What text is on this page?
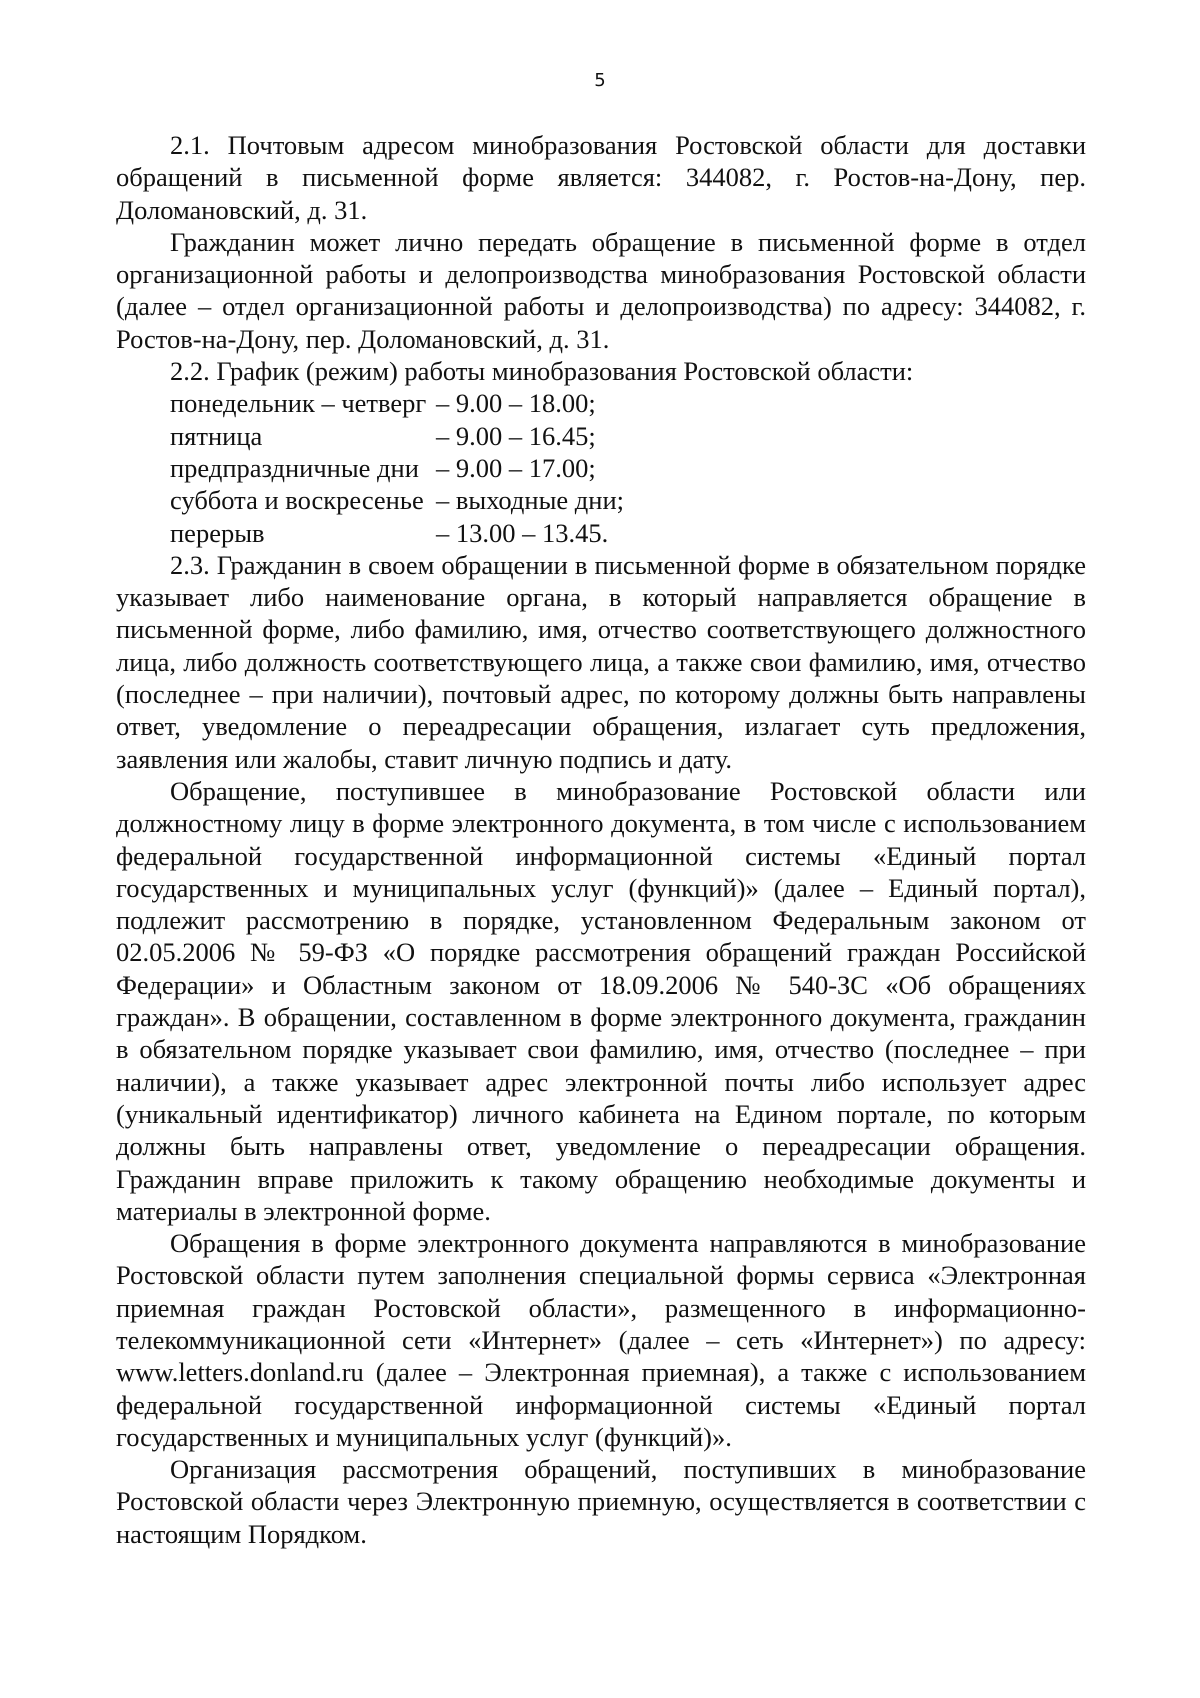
5

2.1. Почтовым адресом минобразования Ростовской области для доставки обращений в письменной форме является: 344082, г. Ростов-на-Дону, пер. Доломановский, д. 31.

Гражданин может лично передать обращение в письменной форме в отдел организационной работы и делопроизводства минобразования Ростовской области (далее – отдел организационной работы и делопроизводства) по адресу: 344082, г. Ростов-на-Дону, пер. Доломановский, д. 31.

2.2. График (режим) работы минобразования Ростовской области:

понедельник – четверг – 9.00 – 18.00;
пятница	– 9.00 – 16.45;
предпраздничные дни – 9.00 – 17.00;
суббота и воскресенье – выходные дни;
перерыв	– 13.00 – 13.45.

2.3. Гражданин в своем обращении в письменной форме в обязательном порядке указывает либо наименование органа, в который направляется обращение в письменной форме, либо фамилию, имя, отчество соответствующего должностного лица, либо должность соответствующего лица, а также свои фамилию, имя, отчество (последнее – при наличии), почтовый адрес, по которому должны быть направлены ответ, уведомление о переадресации обращения, излагает суть предложения, заявления или жалобы, ставит личную подпись и дату.

Обращение, поступившее в минобразование Ростовской области или должностному лицу в форме электронного документа, в том числе с использованием федеральной государственной информационной системы «Единый портал государственных и муниципальных услуг (функций)» (далее – Единый портал), подлежит рассмотрению в порядке, установленном Федеральным законом от 02.05.2006 № 59-ФЗ «О порядке рассмотрения обращений граждан Российской Федерации» и Областным законом от 18.09.2006 № 540-ЗС «Об обращениях граждан». В обращении, составленном в форме электронного документа, гражданин в обязательном порядке указывает свои фамилию, имя, отчество (последнее – при наличии), а также указывает адрес электронной почты либо использует адрес (уникальный идентификатор) личного кабинета на Едином портале, по которым должны быть направлены ответ, уведомление о переадресации обращения. Гражданин вправе приложить к такому обращению необходимые документы и материалы в электронной форме.

Обращения в форме электронного документа направляются в минобразование Ростовской области путем заполнения специальной формы сервиса «Электронная приемная граждан Ростовской области», размещенного в информационно-телекоммуникационной сети «Интернет» (далее – сеть «Интернет») по адресу: www.letters.donland.ru (далее – Электронная приемная), а также с использованием федеральной государственной информационной системы «Единый портал государственных и муниципальных услуг (функций)».

Организация рассмотрения обращений, поступивших в минобразование Ростовской области через Электронную приемную, осуществляется в соответствии с настоящим Порядком.
